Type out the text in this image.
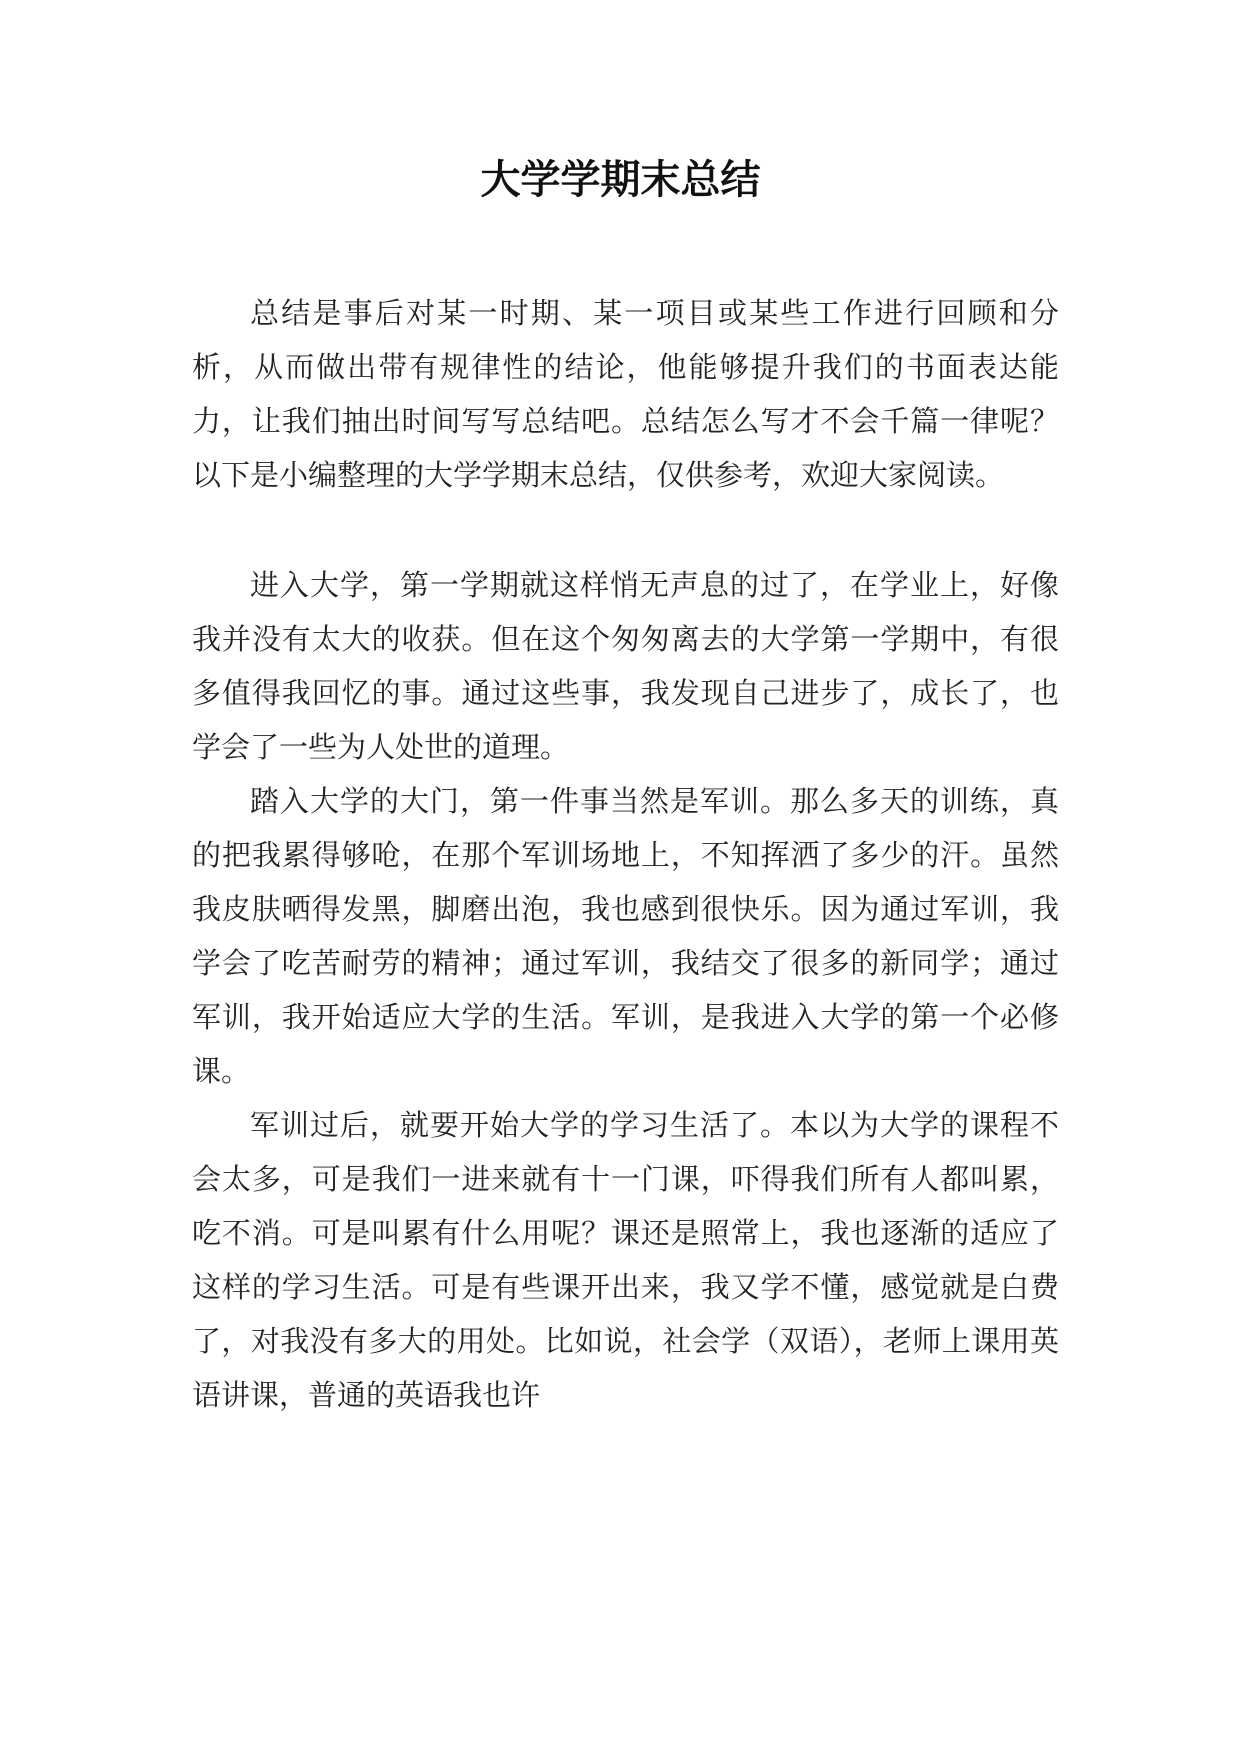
大学学期末总结

总结是事后对某一时期、某一项目或某些工作进行回顾和分析，从而做出带有规律性的结论，他能够提升我们的书面表达能力，让我们抽出时间写写总结吧。总结怎么写才不会千篇一律呢？以下是小编整理的大学学期末总结，仅供参考，欢迎大家阅读。

进入大学，第一学期就这样悄无声息的过了，在学业上，好像我并没有太大的收获。但在这个匆匆离去的大学第一学期中，有很多值得我回忆的事。通过这些事，我发现自己进步了，成长了，也学会了一些为人处世的道理。

踏入大学的大门，第一件事当然是军训。那么多天的训练，真的把我累得够呛，在那个军训场地上，不知挥洒了多少的汗。虽然我皮肤晒得发黑，脚磨出泡，我也感到很快乐。因为通过军训，我学会了吃苦耐劳的精神；通过军训，我结交了很多的新同学；通过军训，我开始适应大学的生活。军训，是我进入大学的第一个必修课。

军训过后，就要开始大学的学习生活了。本以为大学的课程不会太多，可是我们一进来就有十一门课，吓得我们所有人都叫累，吃不消。可是叫累有什么用呢？课还是照常上，我也逐渐的适应了这样的学习生活。可是有些课开出来，我又学不懂，感觉就是白费了，对我没有多大的用处。比如说，社会学（双语），老师上课用英语讲课，普通的英语我也许
